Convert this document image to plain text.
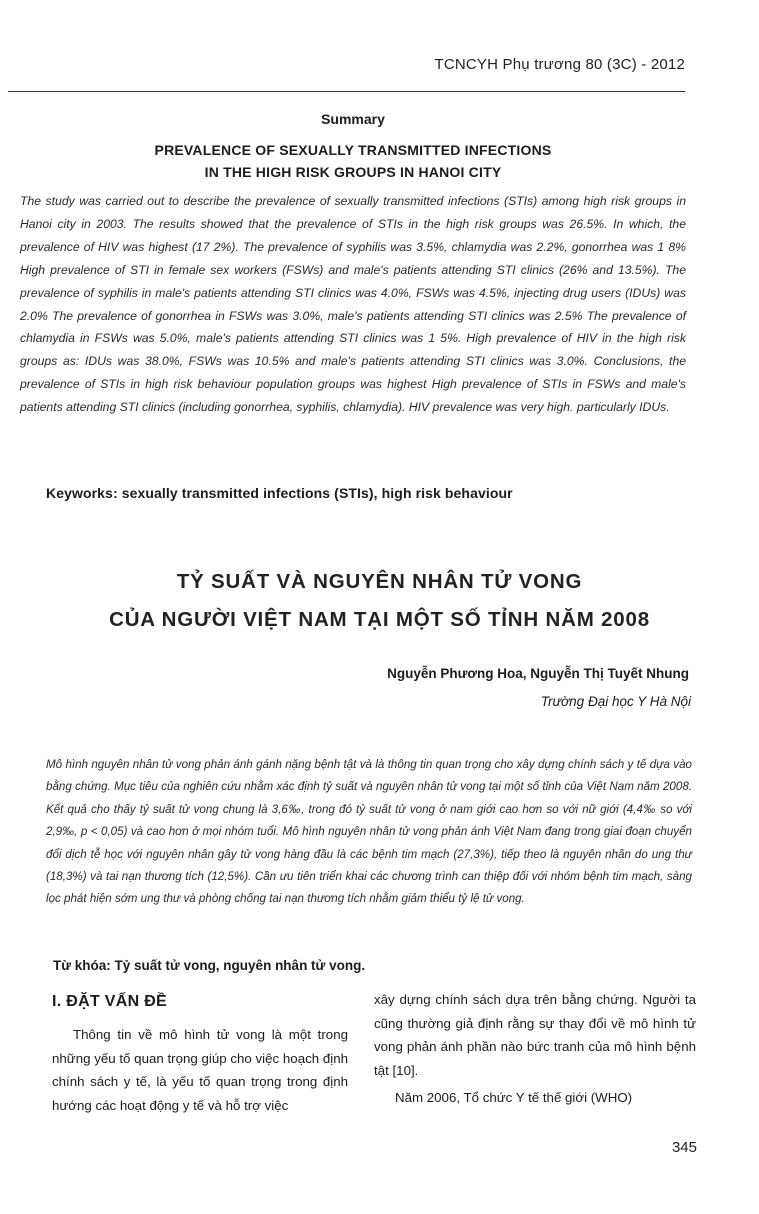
TCNCYH Phụ trương 80 (3C) - 2012
Summary
PREVALENCE OF SEXUALLY TRANSMITTED INFECTIONS
IN THE HIGH RISK GROUPS IN HANOI CITY
The study was carried out to describe the prevalence of sexually transmitted infections (STIs) among high risk groups in Hanoi city in 2003. The results showed that the prevalence of STIs in the high risk groups was 26.5%. In which, the prevalence of HIV was highest (17 2%). The prevalence of syphilis was 3.5%, chlamydia was 2.2%, gonorrhea was 1 8% High prevalence of STI in female sex workers (FSWs) and male's patients attending STI clinics (26% and 13.5%). The prevalence of syphilis in male's patients attending STI clinics was 4.0%, FSWs was 4.5%, injecting drug users (IDUs) was 2.0% The prevalence of gonorrhea in FSWs was 3.0%, male's patients attending STI clinics was 2.5% The prevalence of chlamydia in FSWs was 5.0%, male's patients attending STI clinics was 1 5%. High prevalence of HIV in the high risk groups as: IDUs was 38.0%, FSWs was 10.5% and male's patients attending STI clinics was 3.0%. Conclusions, the prevalence of STIs in high risk behaviour population groups was highest High prevalence of STIs in FSWs and male's patients attending STI clinics (including gonorrhea, syphilis, chlamydia). HIV prevalence was very high. particularly IDUs.
Keyworks: sexually transmitted infections (STIs), high risk behaviour
TỶ SUẤT VÀ NGUYÊN NHÂN TỬ VONG
CỦA NGƯỜI VIỆT NAM TẠI MỘT SỐ TỈNH NĂM 2008
Nguyễn Phương Hoa, Nguyễn Thị Tuyết Nhung
Trường Đại học Y Hà Nội
Mô hình nguyên nhân tử vong phản ánh gánh nặng bệnh tật và là thông tin quan trọng cho xây dựng chính sách y tế dựa vào bằng chứng. Mục tiêu của nghiên cứu nhằm xác định tỷ suất và nguyên nhân tử vong tại một số tỉnh của Việt Nam năm 2008. Kết quả cho thấy tỷ suất tử vong chung là 3,6‰, trong đó tỷ suất tử vong ở nam giới cao hơn so với nữ giới (4,4‰ so với 2,9‰, p < 0,05) và cao hơn ở mọi nhóm tuổi. Mô hình nguyên nhân tử vong phản ánh Việt Nam đang trong giai đoạn chuyển đổi dịch tễ học với nguyên nhân gây tử vong hàng đầu là các bệnh tim mạch (27,3%), tiếp theo là nguyên nhân do ung thư (18,3%) và tai nạn thương tích (12,5%). Cần ưu tiên triển khai các chương trình can thiệp đối với nhóm bệnh tim mạch, sàng lọc phát hiện sớm ung thư và phòng chống tai nạn thương tích nhằm giảm thiểu tỷ lệ tử vong.
Từ khóa: Tỷ suất tử vong, nguyên nhân tử vong.
I. ĐẶT VẤN ĐỀ

Thông tin về mô hình tử vong là một trong những yếu tố quan trọng giúp cho việc hoạch định chính sách y tế, là yếu tố quan trọng trong định hướng các hoạt động y tế và hỗ trợ việc

xây dựng chính sách dựa trên bằng chứng. Người ta cũng thường giả định rằng sự thay đổi về mô hình tử vong phản ánh phần nào bức tranh của mô hình bệnh tật [10].

Năm 2006, Tổ chức Y tế thế giới (WHO)

345
